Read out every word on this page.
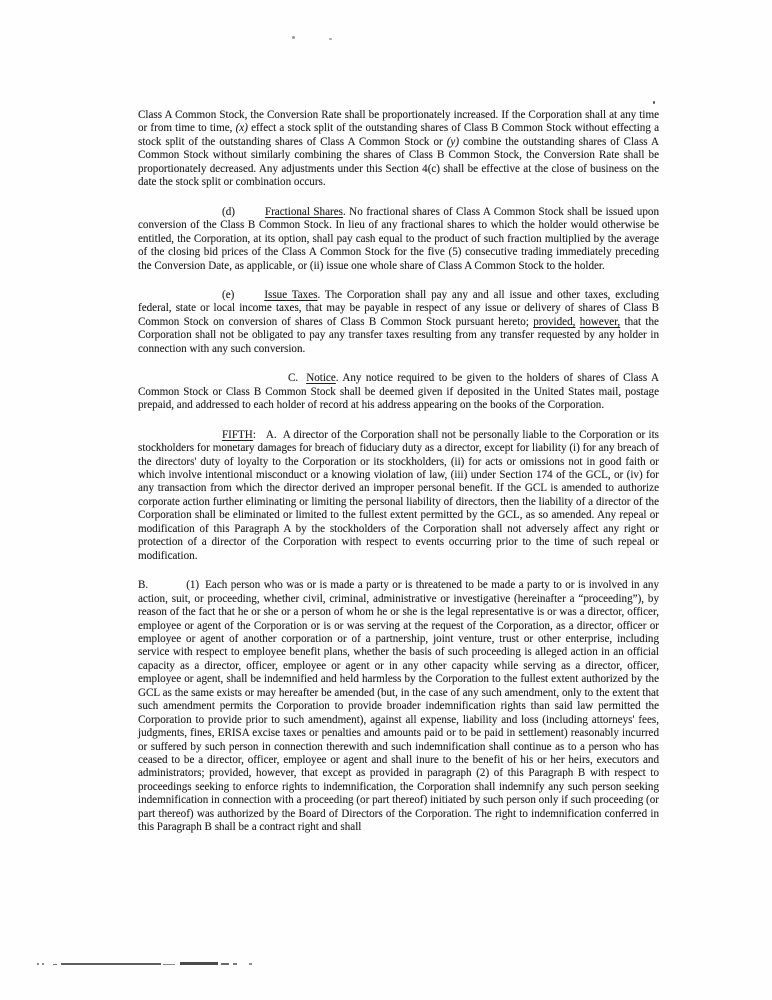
Class A Common Stock, the Conversion Rate shall be proportionately increased. If the Corporation shall at any time or from time to time, (x) effect a stock split of the outstanding shares of Class B Common Stock without effecting a stock split of the outstanding shares of Class A Common Stock or (y) combine the outstanding shares of Class A Common Stock without similarly combining the shares of Class B Common Stock, the Conversion Rate shall be proportionately decreased. Any adjustments under this Section 4(c) shall be effective at the close of business on the date the stock split or combination occurs.

(d)	Fractional Shares. No fractional shares of Class A Common Stock shall be issued upon conversion of the Class B Common Stock. In lieu of any fractional shares to which the holder would otherwise be entitled, the Corporation, at its option, shall pay cash equal to the product of such fraction multiplied by the average of the closing bid prices of the Class A Common Stock for the five (5) consecutive trading immediately preceding the Conversion Date, as applicable, or (ii) issue one whole share of Class A Common Stock to the holder.

(e)	Issue Taxes. The Corporation shall pay any and all issue and other taxes, excluding federal, state or local income taxes, that may be payable in respect of any issue or delivery of shares of Class B Common Stock on conversion of shares of Class B Common Stock pursuant hereto; provided, however, that the Corporation shall not be obligated to pay any transfer taxes resulting from any transfer requested by any holder in connection with any such conversion.

C. Notice. Any notice required to be given to the holders of shares of Class A Common Stock or Class B Common Stock shall be deemed given if deposited in the United States mail, postage prepaid, and addressed to each holder of record at his address appearing on the books of the Corporation.

FIFTH: A. A director of the Corporation shall not be personally liable to the Corporation or its stockholders for monetary damages for breach of fiduciary duty as a director, except for liability (i) for any breach of the directors' duty of loyalty to the Corporation or its stockholders, (ii) for acts or omissions not in good faith or which involve intentional misconduct or a knowing violation of law, (iii) under Section 174 of the GCL, or (iv) for any transaction from which the director derived an improper personal benefit. If the GCL is amended to authorize corporate action further eliminating or limiting the personal liability of directors, then the liability of a director of the Corporation shall be eliminated or limited to the fullest extent permitted by the GCL, as so amended. Any repeal or modification of this Paragraph A by the stockholders of the Corporation shall not adversely affect any right or protection of a director of the Corporation with respect to events occurring prior to the time of such repeal or modification.

B.	(1) Each person who was or is made a party or is threatened to be made a party to or is involved in any action, suit, or proceeding, whether civil, criminal, administrative or investigative (hereinafter a “proceeding”), by reason of the fact that he or she or a person of whom he or she is the legal representative is or was a director, officer, employee or agent of the Corporation or is or was serving at the request of the Corporation, as a director, officer or employee or agent of another corporation or of a partnership, joint venture, trust or other enterprise, including service with respect to employee benefit plans, whether the basis of such proceeding is alleged action in an official capacity as a director, officer, employee or agent or in any other capacity while serving as a director, officer, employee or agent, shall be indemnified and held harmless by the Corporation to the fullest extent authorized by the GCL as the same exists or may hereafter be amended (but, in the case of any such amendment, only to the extent that such amendment permits the Corporation to provide broader indemnification rights than said law permitted the Corporation to provide prior to such amendment), against all expense, liability and loss (including attorneys' fees, judgments, fines, ERISA excise taxes or penalties and amounts paid or to be paid in settlement) reasonably incurred or suffered by such person in connection therewith and such indemnification shall continue as to a person who has ceased to be a director, officer, employee or agent and shall inure to the benefit of his or her heirs, executors and administrators; provided, however, that except as provided in paragraph (2) of this Paragraph B with respect to proceedings seeking to enforce rights to indemnification, the Corporation shall indemnify any such person seeking indemnification in connection with a proceeding (or part thereof) initiated by such person only if such proceeding (or part thereof) was authorized by the Board of Directors of the Corporation. The right to indemnification conferred in this Paragraph B shall be a contract right and shall
